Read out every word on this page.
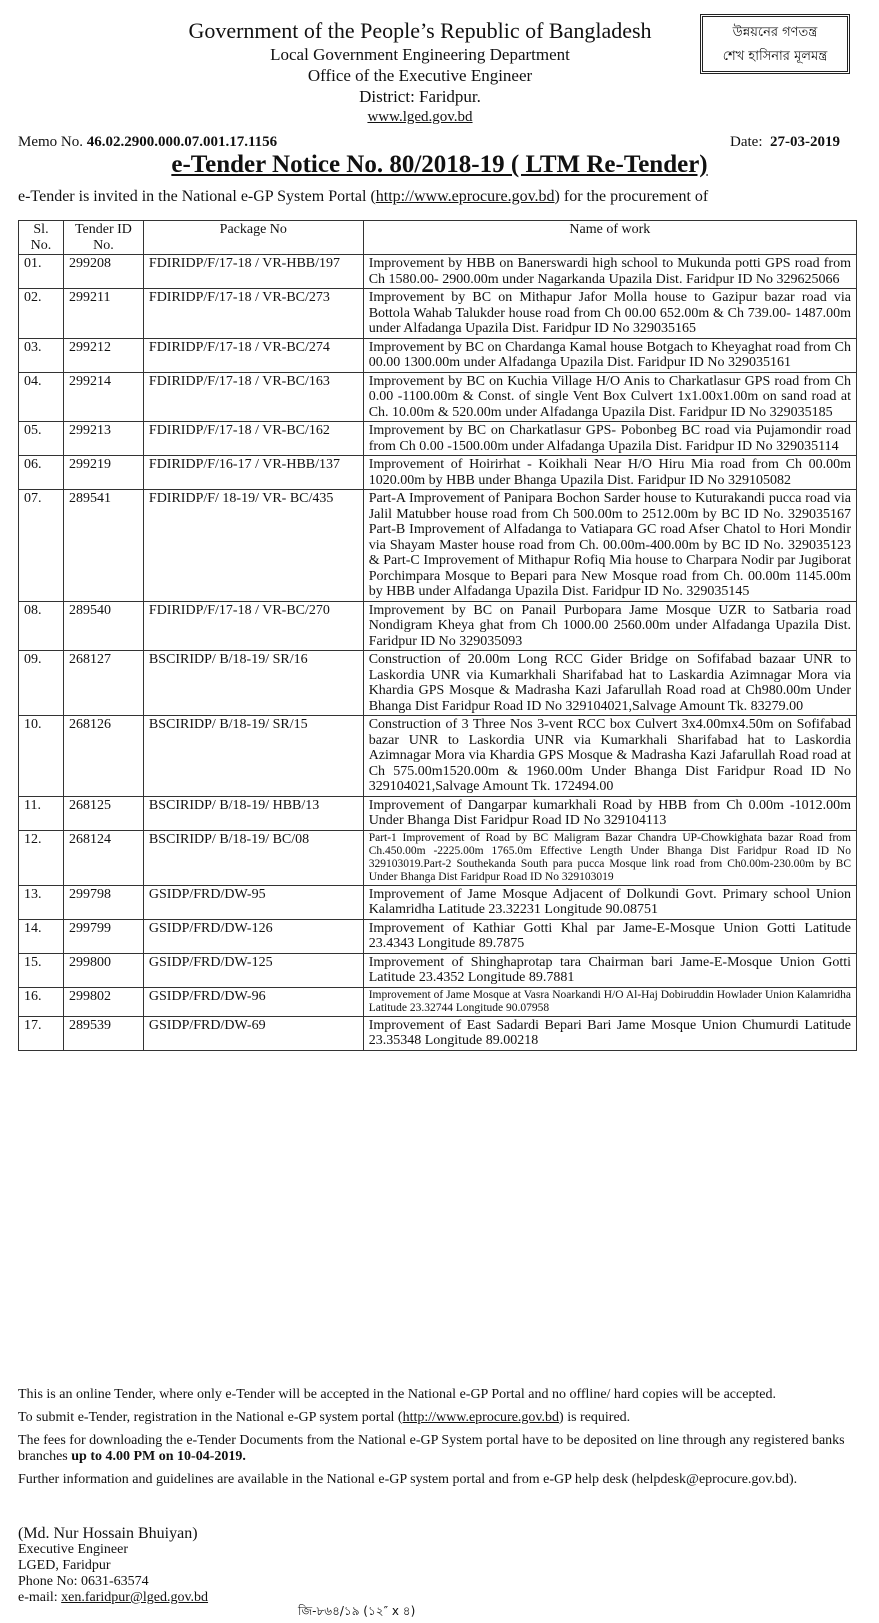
Government of the People’s Republic of Bangladesh
Local Government Engineering Department
Office of the Executive Engineer
District: Faridpur.
www.lged.gov.bd
উন্নয়নের গণতন্ত্র
শেখ হাসিনার মূলমন্ত্র
Memo No. 46.02.2900.000.07.001.17.1156	Date: 27-03-2019
e-Tender Notice No. 80/2018-19 ( LTM Re-Tender)
e-Tender is invited in the National e-GP System Portal (http://www.eprocure.gov.bd) for the procurement of
Sl. No.	Tender ID No.	Package No	Name of work
01.	299208	FDIRIDP/F/17-18 / VR-HBB/197	Improvement by HBB on Banerswardi high school to Mukunda potti GPS road from Ch 1580.00- 2900.00m under Nagarkanda Upazila Dist. Faridpur ID No 329625066
02.	299211	FDIRIDP/F/17-18 / VR-BC/273	Improvement by BC on Mithapur Jafor Molla house to Gazipur bazar road via Bottola Wahab Talukder house road from Ch 00.00 652.00m & Ch 739.00- 1487.00m under Alfadanga Upazila Dist. Faridpur ID No 329035165
03.	299212	FDIRIDP/F/17-18 / VR-BC/274	Improvement by BC on Chardanga Kamal house Botgach to Kheyaghat road from Ch 00.00 1300.00m under Alfadanga Upazila Dist. Faridpur ID No 329035161
04.	299214	FDIRIDP/F/17-18 / VR-BC/163	Improvement by BC on Kuchia Village H/O Anis to Charkatlasur GPS road from Ch 0.00 -1100.00m & Const. of single Vent Box Culvert 1x1.00x1.00m on sand road at Ch. 10.00m & 520.00m under Alfadanga Upazila Dist. Faridpur ID No 329035185
05.	299213	FDIRIDP/F/17-18 / VR-BC/162	Improvement by BC on Charkatlasur GPS- Pobonbeg BC road via Pujamondir road from Ch 0.00 -1500.00m under Alfadanga Upazila Dist. Faridpur ID No 329035114
06.	299219	FDIRIDP/F/16-17 / VR-HBB/137	Improvement of Hoirirhat - Koikhali Near H/O Hiru Mia road from Ch 00.00m 1020.00m by HBB under Bhanga Upazila Dist. Faridpur ID No 329105082
07.	289541	FDIRIDP/F/ 18-19/ VR- BC/435	Part-A Improvement of Panipara Bochon Sarder house to Kuturakandi pucca road via Jalil Matubber house road from Ch 500.00m to 2512.00m by BC ID No. 329035167 Part-B Improvement of Alfadanga to Vatiapara GC road Afser Chatol to Hori Mondir via Shayam Master house road from Ch. 00.00m-400.00m by BC ID No. 329035123 & Part-C Improvement of Mithapur Rofiq Mia house to Charpara Nodir par Jugiborat Porchimpara Mosque to Bepari para New Mosque road from Ch. 00.00m 1145.00m by HBB under Alfadanga Upazila Dist. Faridpur ID No. 329035145
08.	289540	FDIRIDP/F/17-18 / VR-BC/270	Improvement by BC on Panail Purbopara Jame Mosque UZR to Satbaria road Nondigram Kheya ghat from Ch 1000.00 2560.00m under Alfadanga Upazila Dist. Faridpur ID No 329035093
09.	268127	BSCIRIDP/ B/18-19/ SR/16	Construction of 20.00m Long RCC Gider Bridge on Sofifabad bazaar UNR to Laskordia UNR via Kumarkhali Sharifabad hat to Laskardia Azimnagar Mora via Khardia GPS Mosque & Madrasha Kazi Jafarullah Road road at Ch980.00m Under Bhanga Dist Faridpur Road ID No 329104021,Salvage Amount Tk. 83279.00
10.	268126	BSCIRIDP/ B/18-19/ SR/15	Construction of 3 Three Nos 3-vent RCC box Culvert 3x4.00mx4.50m on Sofifabad bazar UNR to Laskordia UNR via Kumarkhali Sharifabad hat to Laskordia Azimnagar Mora via Khardia GPS Mosque & Madrasha Kazi Jafarullah Road road at Ch 575.00m1520.00m & 1960.00m Under Bhanga Dist Faridpur Road ID No 329104021,Salvage Amount Tk. 172494.00
11.	268125	BSCIRIDP/ B/18-19/ HBB/13	Improvement of Dangarpar kumarkhali Road by HBB from Ch 0.00m -1012.00m Under Bhanga Dist Faridpur Road ID No 329104113
12.	268124	BSCIRIDP/ B/18-19/ BC/08	Part-1 Improvement of Road by BC Maligram Bazar Chandra UP-Chowkighata bazar Road from Ch.450.00m -2225.00m 1765.0m Effective Length Under Bhanga Dist Faridpur Road ID No 329103019.Part-2 Southekanda South para pucca Mosque link road from Ch0.00m-230.00m by BC Under Bhanga Dist Faridpur Road ID No 329103019
13.	299798	GSIDP/FRD/DW-95	Improvement of Jame Mosque Adjacent of Dolkundi Govt. Primary school Union Kalamridha Latitude 23.32231 Longitude 90.08751
14.	299799	GSIDP/FRD/DW-126	Improvement of Kathiar Gotti Khal par Jame-E-Mosque Union Gotti Latitude 23.4343 Longitude 89.7875
15.	299800	GSIDP/FRD/DW-125	Improvement of Shinghaprotap tara Chairman bari Jame-E-Mosque Union Gotti Latitude 23.4352 Longitude 89.7881
16.	299802	GSIDP/FRD/DW-96	Improvement of Jame Mosque at Vasra Noarkandi H/O Al-Haj Dobiruddin Howlader Union Kalamridha Latitude 23.32744 Longitude 90.07958
17.	289539	GSIDP/FRD/DW-69	Improvement of East Sadardi Bepari Bari Jame Mosque Union Chumurdi Latitude 23.35348 Longitude 89.00218

This is an online Tender, where only e-Tender will be accepted in the National e-GP Portal and no offline/ hard copies will be accepted.

To submit e-Tender, registration in the National e-GP system portal (http://www.eprocure.gov.bd) is required.

The fees for downloading the e-Tender Documents from the National e-GP System portal have to be deposited on line through any registered banks branches up to 4.00 PM on 10-04-2019.

Further information and guidelines are available in the National e-GP system portal and from e-GP help desk (helpdesk@eprocure.gov.bd).

(Md. Nur Hossain Bhuiyan)
Executive Engineer
LGED, Faridpur
Phone No: 0631-63574
e-mail: xen.faridpur@lged.gov.bd
জি-৮৬৪/১৯ (১২″ x ৪)
